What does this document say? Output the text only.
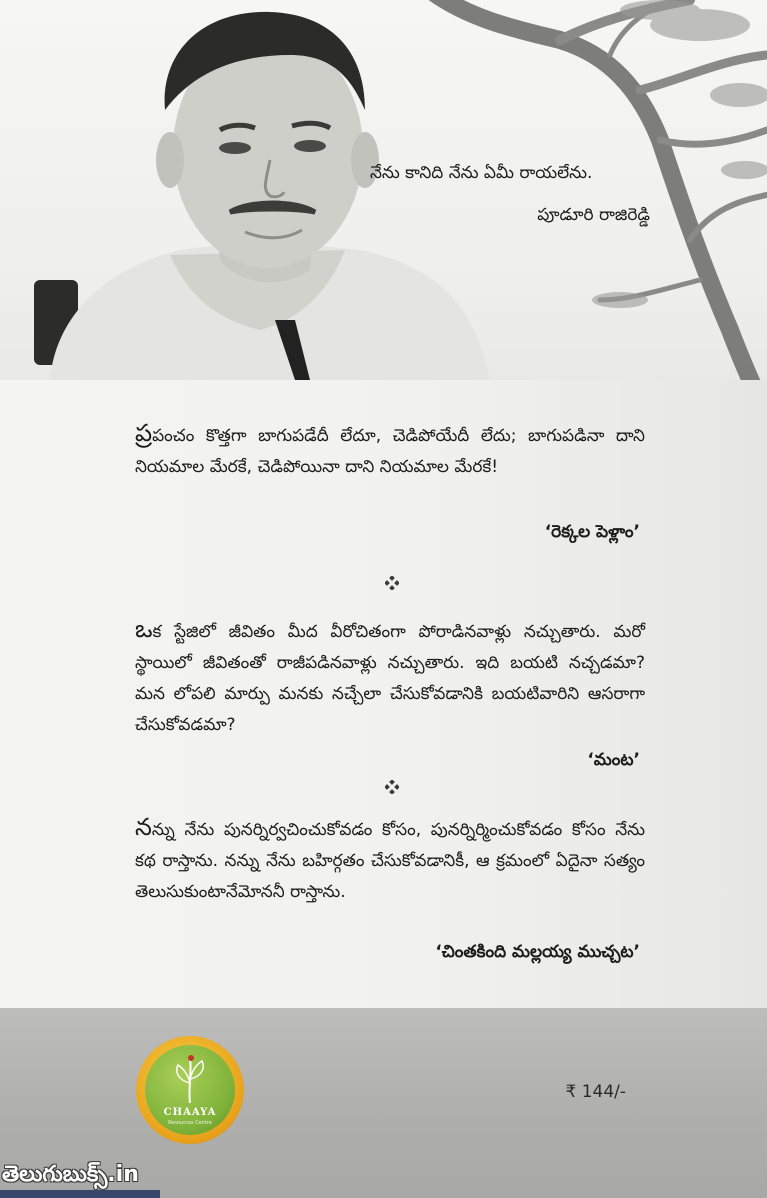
నేను కానిది నేను ఏమీ రాయలేను.
పూడూరి రాజిరెడ్డి
ప్రపంచం కొత్తగా బాగుపడేదీ లేదూ, చెడిపోయేదీ లేదు; బాగుపడినా దాని నియమాల మేరకే, చెడిపోయినా దాని నియమాల మేరకే!
‘రెక్కల పెళ్లాం’
ఒక స్టేజిలో జీవితం మీద వీరోచితంగా పోరాడినవాళ్లు నచ్చుతారు. మరో స్థాయిలో జీవితంతో రాజీపడినవాళ్లు నచ్చుతారు. ఇది బయటి నచ్చడమా? మన లోపలి మార్పు మనకు నచ్చేలా చేసుకోవడానికి బయటివారిని ఆసరాగా చేసుకోవడమా?
‘మంట’
నన్ను నేను పునర్నిర్వచించుకోవడం కోసం, పునర్నిర్మించుకోవడం కోసం నేను కథ రాస్తాను. నన్ను నేను బహిర్గతం చేసుకోవడానికీ, ఆ క్రమంలో ఏదైనా సత్యం తెలుసుకుంటానేమోననీ రాస్తాను.
‘చింతకింది మల్లయ్య ముచ్చట’
CHAAYA
Resources Centre
₹ 144/-
తెలుగుబుక్స్.in
